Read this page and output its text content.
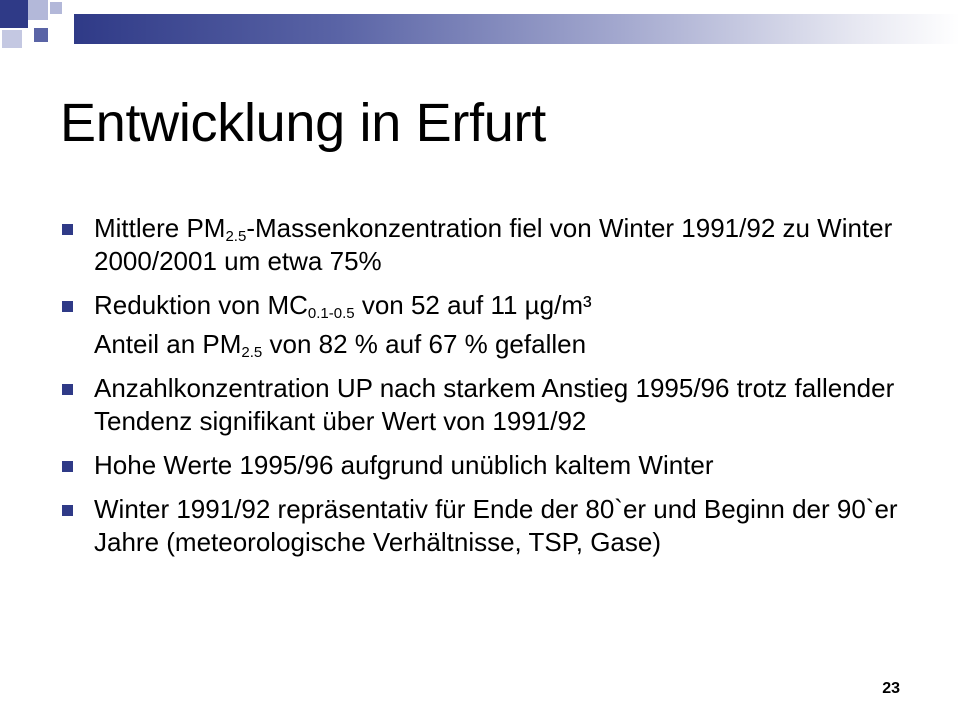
Entwicklung in Erfurt
Mittlere $PM_{2.5}$-Massenkonzentration fiel von Winter 1991/92 zu Winter 2000/2001 um etwa 75%
Reduktion von $MC_{0.1-0.5}$ von 52 auf 11 µg/m³
Anteil an $PM_{2.5}$ von 82 % auf 67 % gefallen
Anzahlkonzentration UP nach starkem Anstieg 1995/96 trotz fallender Tendenz signifikant über Wert von 1991/92
Hohe Werte 1995/96 aufgrund unüblich kaltem Winter
Winter 1991/92 repräsentativ für Ende der 80`er und Beginn der 90`er Jahre (meteorologische Verhältnisse, TSP, Gase)
23
